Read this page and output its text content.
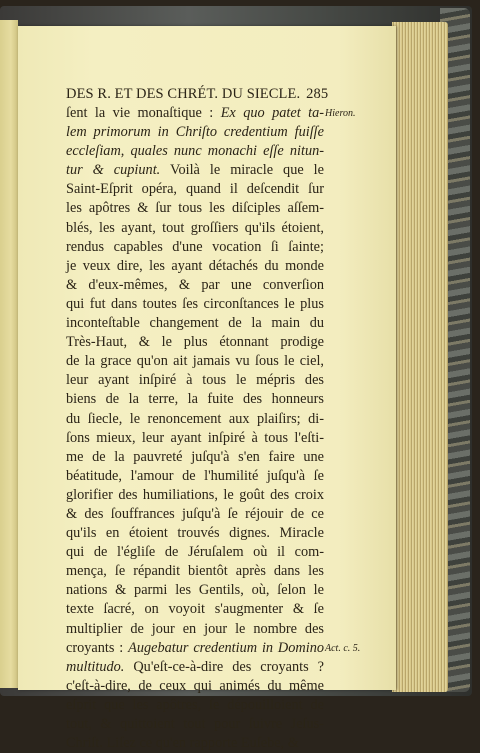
DES R. ET DES CHRÉT. DU SIECLE. 285
ſent la vie monaſtique : Ex quo patet ta-
lem primorum in Chriſto credentium fuiſſe
eccleſiam, quales nunc monachi eſſe nitun-
tur & cupiunt. Voilà le miracle que le
Saint-Eſprit opéra, quand il deſcendit ſur
les apôtres & ſur tous les diſciples aſſem-
blés, les ayant, tout groſſiers qu'ils étoient,
rendus capables d'une vocation ſi ſainte;
je veux dire, les ayant détachés du monde
& d'eux-mêmes, & par une converſion
qui fut dans toutes ſes circonſtances le plus
inconteſtable changement de la main du
Très-Haut, & le plus étonnant prodige
de la grace qu'on ait jamais vu ſous le ciel,
leur ayant inſpiré à tous le mépris des
biens de la terre, la fuite des honneurs
du ſiecle, le renoncement aux plaiſirs; di-
ſons mieux, leur ayant inſpiré à tous l'eſti-
me de la pauvreté juſqu'à s'en faire une
béatitude, l'amour de l'humilité juſqu'à ſe
glorifier des humiliations, le goût des croix
& des ſouffrances juſqu'à ſe réjouir de ce
qu'ils en étoient trouvés dignes. Miracle
qui de l'égliſe de Jéruſalem où il com-
mença, ſe répandit bientôt après dans les
nations & parmi les Gentils, où, ſelon le
texte ſacré, on voyoit s'augmenter & ſe
multiplier de jour en jour le nombre des
croyants : Augebatur credentium in Domino
multitudo. Qu'eſt-ce-à-dire des croyants ?
c'eſt-à-dire, de ceux qui animés du même
eſprit que les apôtres, ſe dépouilloient de
tout, & quittoient tout pour ſuivre Jeſus-
Chriſt. Liſez ce qu'en rapporte Euſebe, &
Hieron.
Act. c. 5.
